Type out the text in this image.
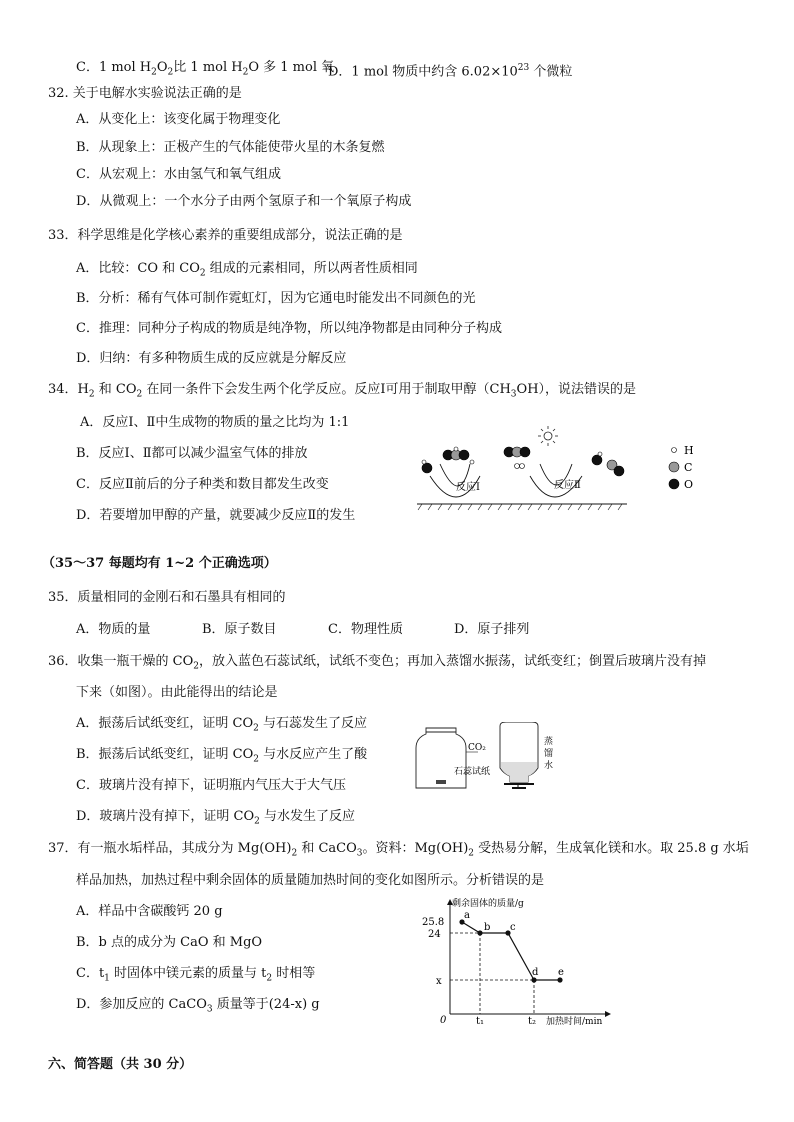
C．1 mol $H_2O_2$比 1 mol $H_2O$ 多 1 mol 氧
D．1 mol 物质中约含 $6.02\times 10^{23}$ 个微粒
32. 关于电解水实验说法正确的是
A．从变化上：该变化属于物理变化
B．从现象上：正极产生的气体能使带火星的木条复燃
C．从宏观上：水由氢气和氧气组成
D．从微观上：一个水分子由两个氢原子和一个氧原子构成
33．科学思维是化学核心素养的重要组成部分，说法正确的是
A．比较：CO 和 $CO_2$ 组成的元素相同，所以两者性质相同
B．分析：稀有气体可制作霓虹灯，因为它通电时能发出不同颜色的光
C．推理：同种分子构成的物质是纯净物，所以纯净物都是由同种分子构成
D．归纳：有多种物质生成的反应就是分解反应
34．$H_2$ 和 $CO_2$ 在同一条件下会发生两个化学反应。反应Ⅰ可用于制取甲醇$(CH_3OH)$，说法错误的是
A．反应Ⅰ、Ⅱ中生成物的物质的量之比均为 1:1
B．反应Ⅰ、Ⅱ都可以减少温室气体的排放
C．反应Ⅱ前后的分子种类和数目都发生改变
D．若要增加甲醇的产量，就要减少反应Ⅱ的发生
反应Ⅰ	反应Ⅱ
H
C
O
（35～37 每题均有 1~2 个正确选项）
35．质量相同的金刚石和石墨具有相同的
A．物质的量	B．原子数目	C．物理性质	D．原子排列
36．收集一瓶干燥的 $CO_2$，放入蓝色石蕊试纸，试纸不变色；再加入蒸馏水振荡，试纸变红；倒置后玻璃片没有掉
下来（如图）。由此能得出的结论是
A．振荡后试纸变红，证明 $CO_2$ 与石蕊发生了反应
B．振荡后试纸变红，证明 $CO_2$ 与水反应产生了酸
C．玻璃片没有掉下，证明瓶内气压大于大气压
D．玻璃片没有掉下，证明 $CO_2$ 与水发生了反应
CO₂
石蕊试纸
蒸
馏
水
37．有一瓶水垢样品，其成分为 $Mg(OH)_2$ 和 CaCO$_3$。资料：$Mg(OH)_2$ 受热易分解，生成氧化镁和水。取 25.8 g 水垢
样品加热，加热过程中剩余固体的质量随加热时间的变化如图所示。分析错误的是
A．样品中含碳酸钙 20 g
B．b 点的成分为 CaO 和 MgO
C．$t_1$ 时固体中镁元素的质量与 $t_2$ 时相等
D．参加反应的 CaCO$_3$ 质量等于(24-x) g
剩余固体的质量/g
加热时间/min
0
25.8
24
x
t₁	t₂
a
b c
d e
六、简答题（共 30 分）
